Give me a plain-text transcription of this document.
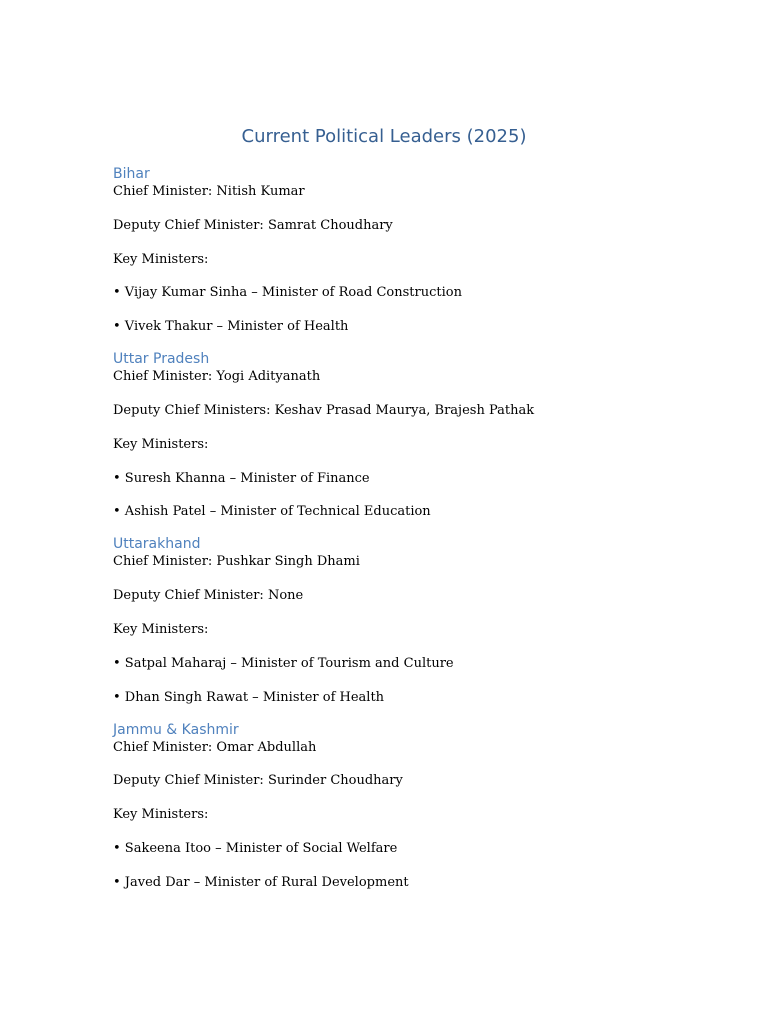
Current Political Leaders (2025)
Bihar

Chief Minister: Nitish Kumar

Deputy Chief Minister: Samrat Choudhary

Key Ministers:

• Vijay Kumar Sinha – Minister of Road Construction

• Vivek Thakur – Minister of Health

Uttar Pradesh

Chief Minister: Yogi Adityanath

Deputy Chief Ministers: Keshav Prasad Maurya, Brajesh Pathak

Key Ministers:

• Suresh Khanna – Minister of Finance

• Ashish Patel – Minister of Technical Education

Uttarakhand

Chief Minister: Pushkar Singh Dhami

Deputy Chief Minister: None

Key Ministers:

• Satpal Maharaj – Minister of Tourism and Culture

• Dhan Singh Rawat – Minister of Health

Jammu & Kashmir

Chief Minister: Omar Abdullah

Deputy Chief Minister: Surinder Choudhary

Key Ministers:

• Sakeena Itoo – Minister of Social Welfare

• Javed Dar – Minister of Rural Development
